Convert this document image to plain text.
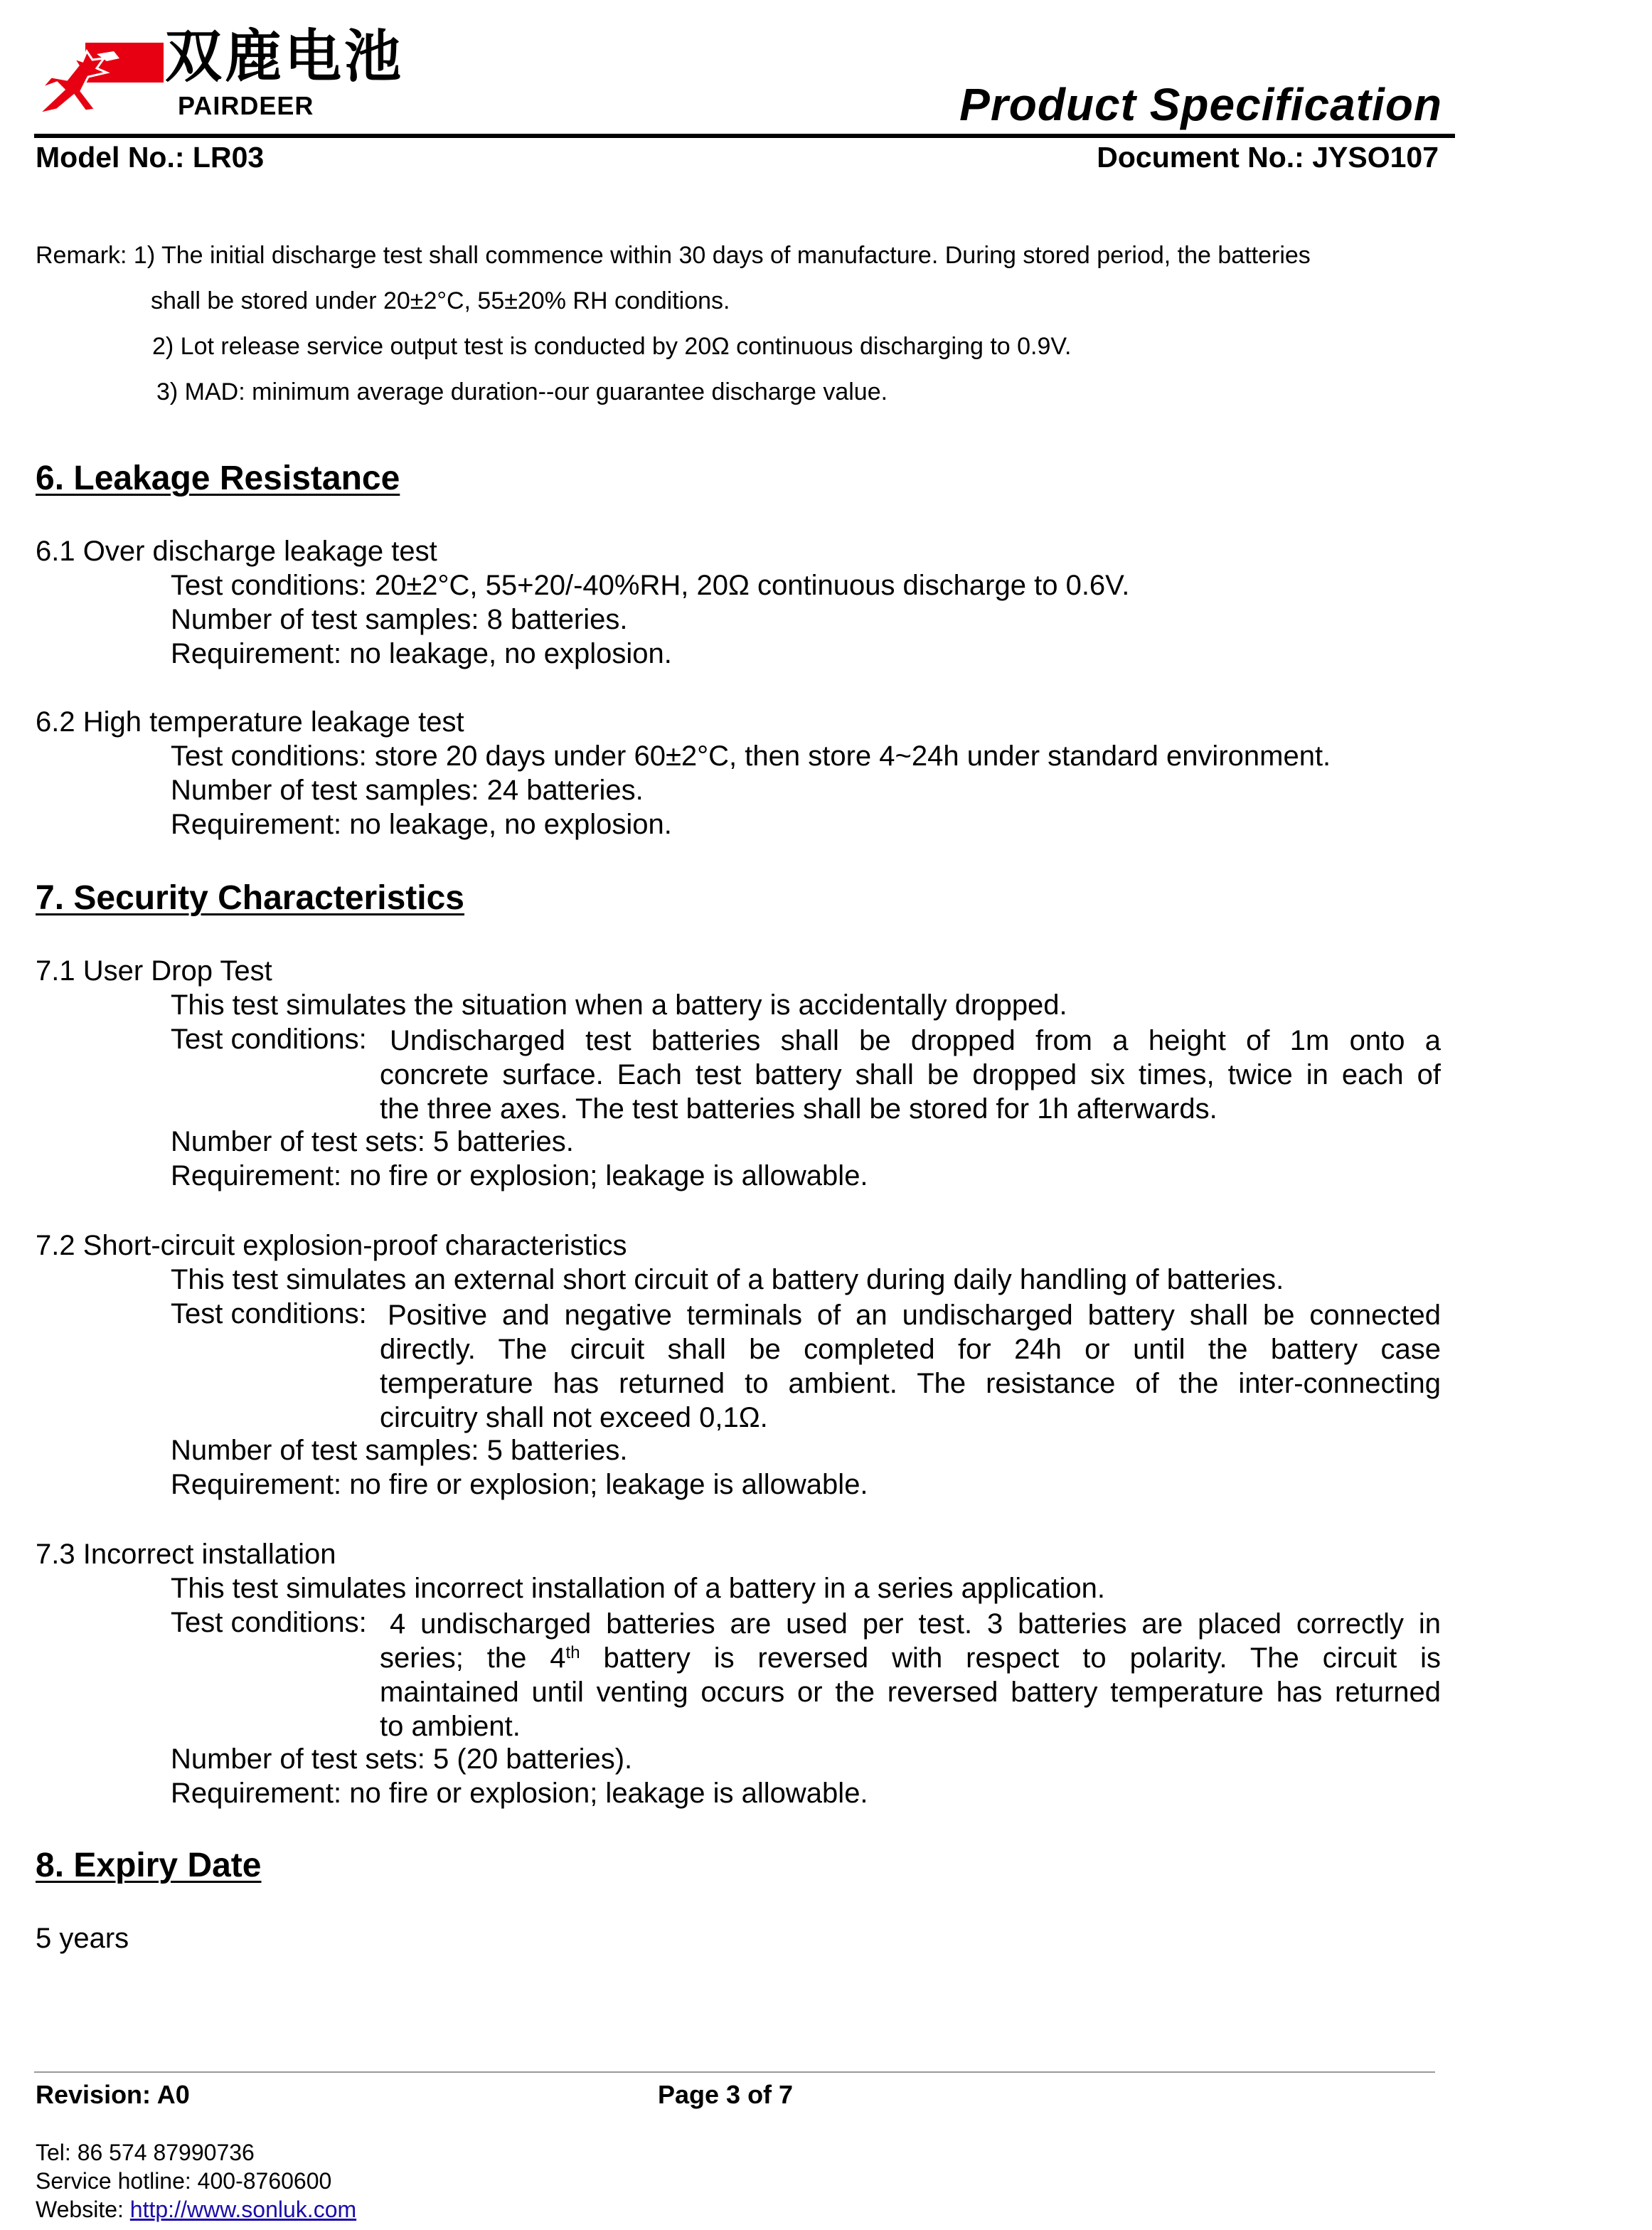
双鹿电池
PAIRDEER	Product Specification
Model No.: LR03	Document No.: JYSO107
Remark: 1) The initial discharge test shall commence within 30 days of manufacture. During stored period, the batteries
shall be stored under 20±2°C, 55±20% RH conditions.
2) Lot release service output test is conducted by 20Ω continuous discharging to 0.9V.
3) MAD: minimum average duration--our guarantee discharge value.
6. Leakage Resistance
6.1 Over discharge leakage test
Test conditions: 20±2°C, 55+20/-40%RH, 20Ω continuous discharge to 0.6V.
Number of test samples: 8 batteries.
Requirement: no leakage, no explosion.
6.2 High temperature leakage test
Test conditions: store 20 days under 60±2°C, then store 4~24h under standard environment.
Number of test samples: 24 batteries.
Requirement: no leakage, no explosion.
7. Security Characteristics
7.1 User Drop Test
This test simulates the situation when a battery is accidentally dropped.
Test conditions: Undischarged test batteries shall be dropped from a height of 1m onto a
concrete surface. Each test battery shall be dropped six times, twice in each of
the three axes. The test batteries shall be stored for 1h afterwards.
Number of test sets: 5 batteries.
Requirement: no fire or explosion; leakage is allowable.
7.2 Short-circuit explosion-proof characteristics
This test simulates an external short circuit of a battery during daily handling of batteries.
Test conditions: Positive and negative terminals of an undischarged battery shall be connected
directly. The circuit shall be completed for 24h or until the battery case
temperature has returned to ambient. The resistance of the inter-connecting
circuitry shall not exceed 0,1Ω.
Number of test samples: 5 batteries.
Requirement: no fire or explosion; leakage is allowable.
7.3 Incorrect installation
This test simulates incorrect installation of a battery in a series application.
Test conditions: 4 undischarged batteries are used per test. 3 batteries are placed correctly in
series; the 4th battery is reversed with respect to polarity. The circuit is
maintained until venting occurs or the reversed battery temperature has returned
to ambient.
Number of test sets: 5 (20 batteries).
Requirement: no fire or explosion; leakage is allowable.
8. Expiry Date
5 years
Revision: A0	Page 3 of 7
Tel: 86 574 87990736
Service hotline: 400-8760600
Website: http://www.sonluk.com
